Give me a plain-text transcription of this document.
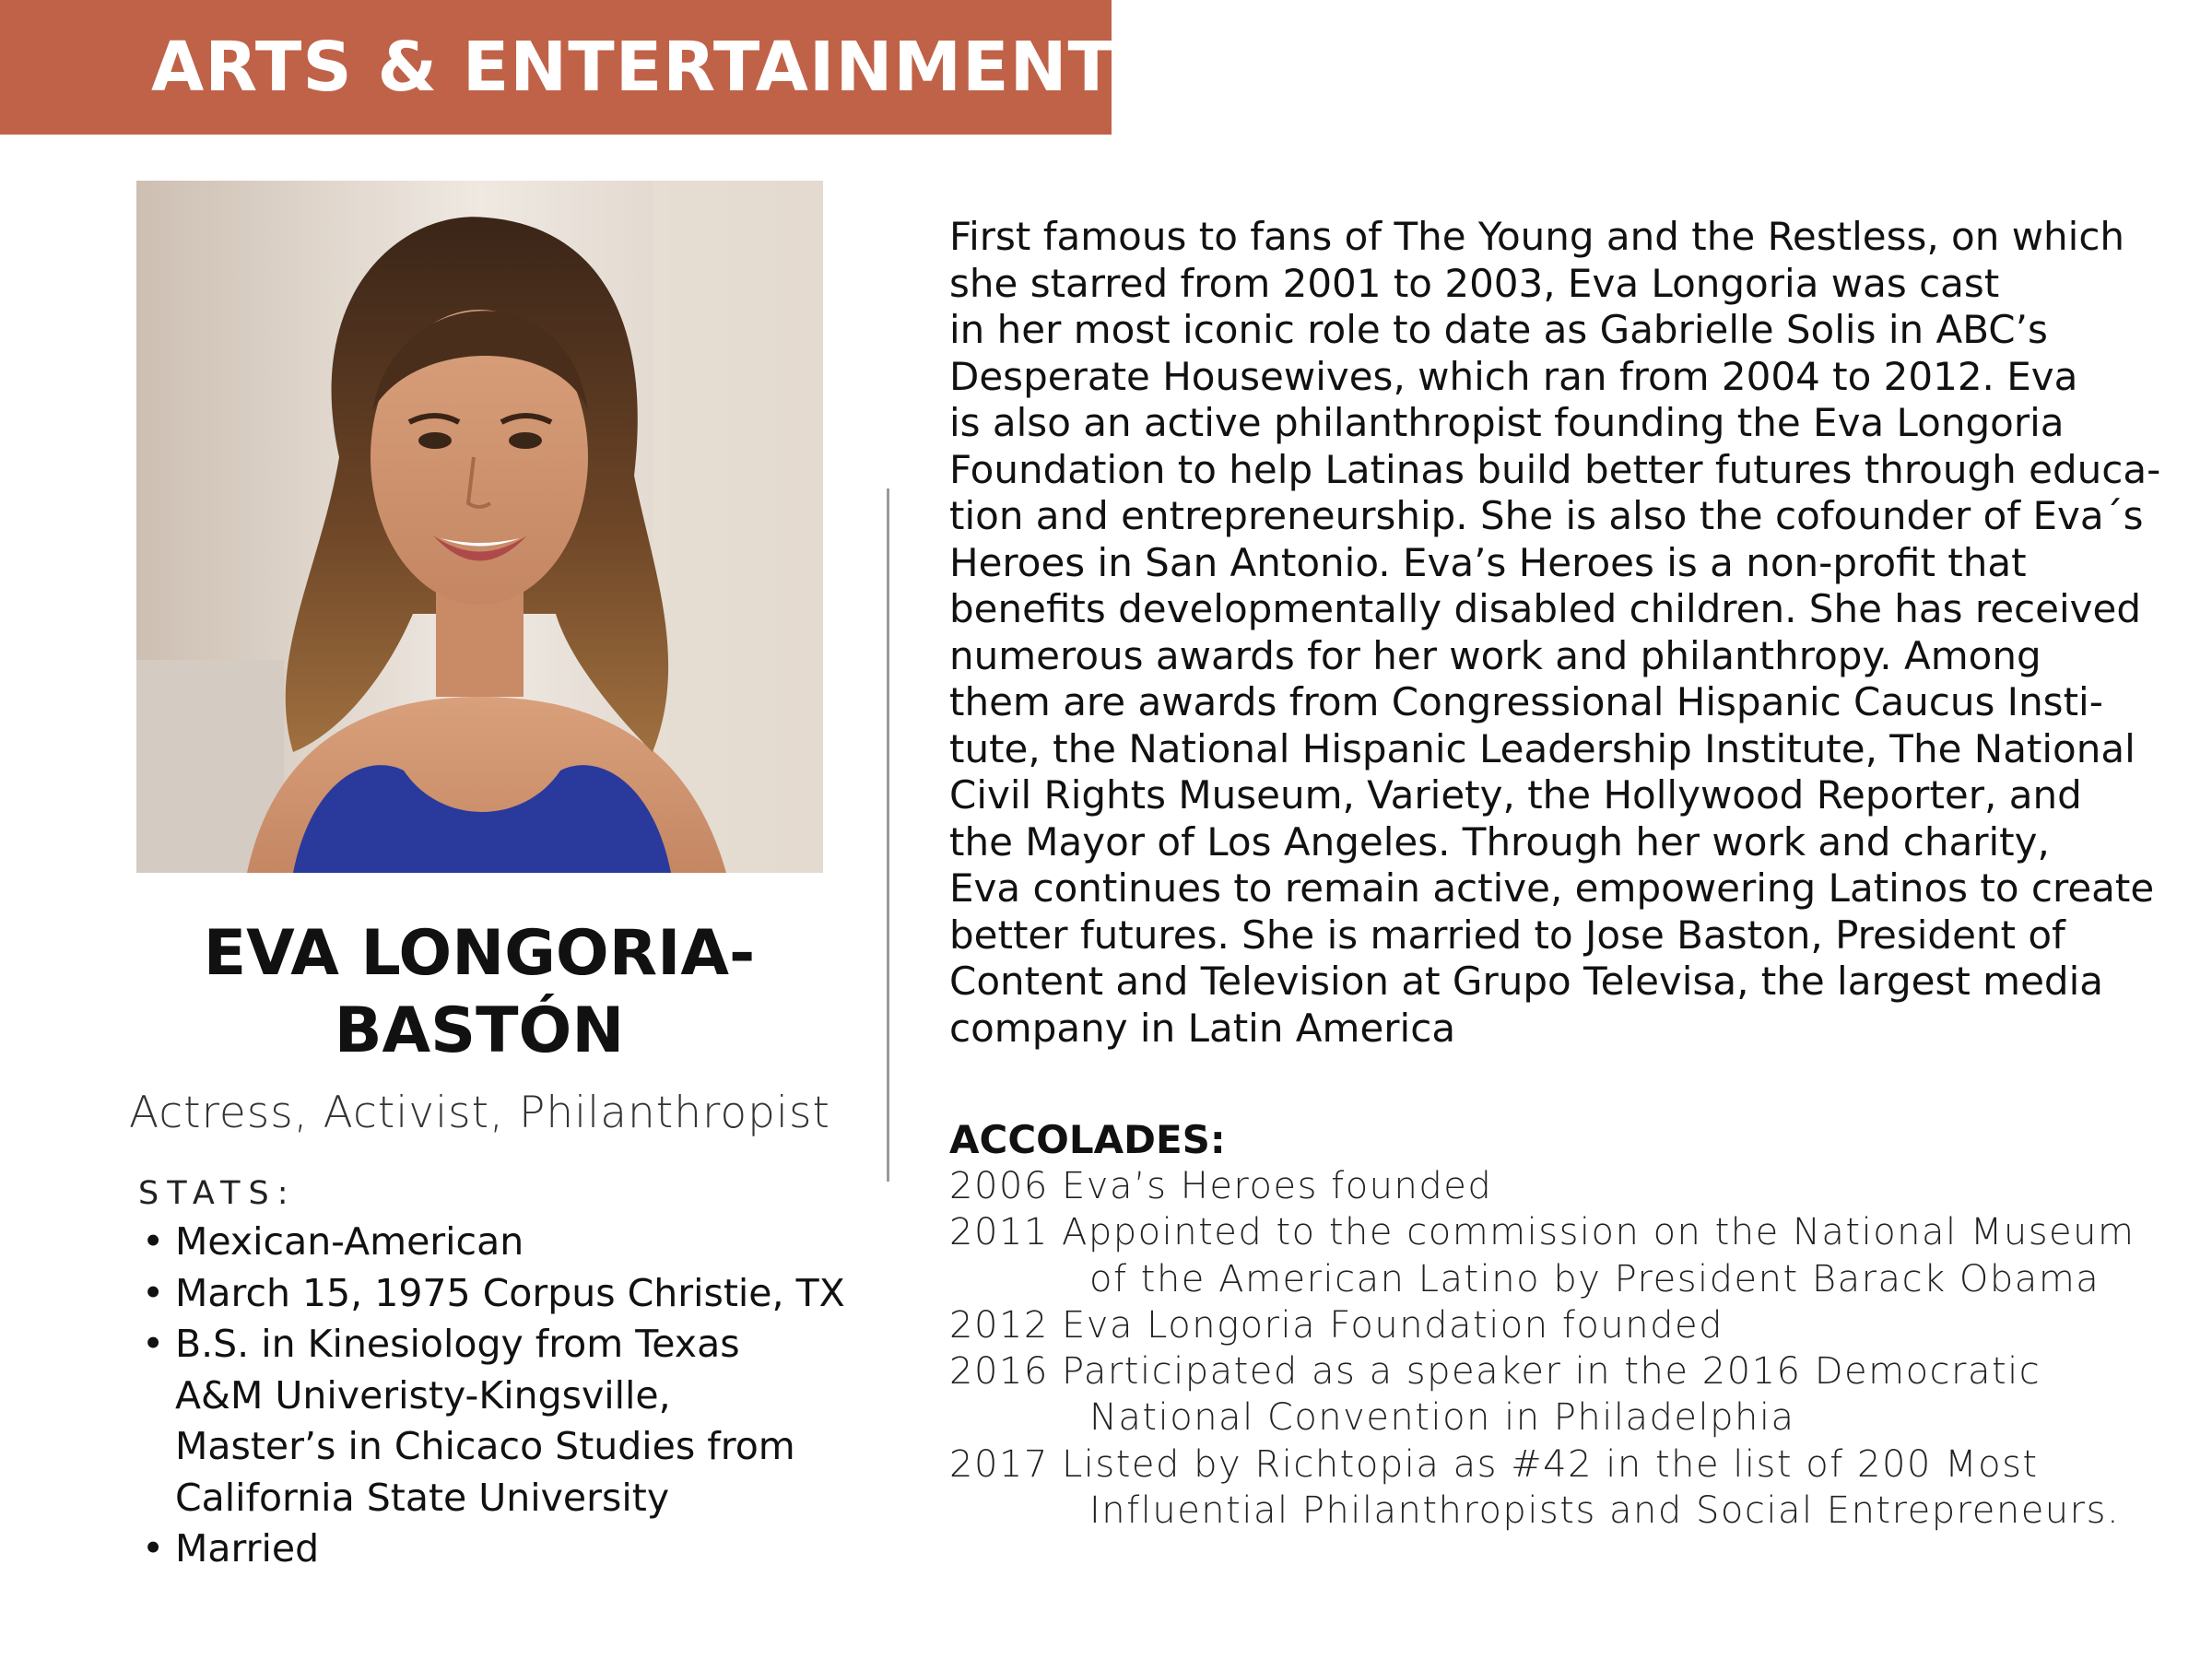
ARTS & ENTERTAINMENT
EVA LONGORIA-
BASTÓN
Actress, Activist, Philanthropist
STATS:
• Mexican-American
• March 15, 1975 Corpus Christie, TX
• B.S. in Kinesiology from Texas
A&M Univeristy-Kingsville,
Master’s in Chicaco Studies from
California State University
• Married
First famous to fans of The Young and the Restless, on which
she starred from 2001 to 2003, Eva Longoria was cast
in her most iconic role to date as Gabrielle Solis in ABC’s
Desperate Housewives, which ran from 2004 to 2012. Eva
is also an active philanthropist founding the Eva Longoria
Foundation to help Latinas build better futures through educa-
tion and entrepreneurship. She is also the cofounder of Eva´s
Heroes in San Antonio. Eva’s Heroes is a non-profit that
benefits developmentally disabled children. She has received
numerous awards for her work and philanthropy. Among
them are awards from Congressional Hispanic Caucus Insti-
tute, the National Hispanic Leadership Institute, The National
Civil Rights Museum, Variety, the Hollywood Reporter, and
the Mayor of Los Angeles. Through her work and charity,
Eva continues to remain active, empowering Latinos to create
better futures. She is married to Jose Baston, President of
Content and Television at Grupo Televisa, the largest media
company in Latin America
ACCOLADES:
2006 Eva’s Heroes founded
2011 Appointed to the commission on the National Museum
of the American Latino by President Barack Obama
2012 Eva Longoria Foundation founded
2016 Participated as a speaker in the 2016 Democratic
National Convention in Philadelphia
2017 Listed by Richtopia as #42 in the list of 200 Most
Influential Philanthropists and Social Entrepreneurs.
